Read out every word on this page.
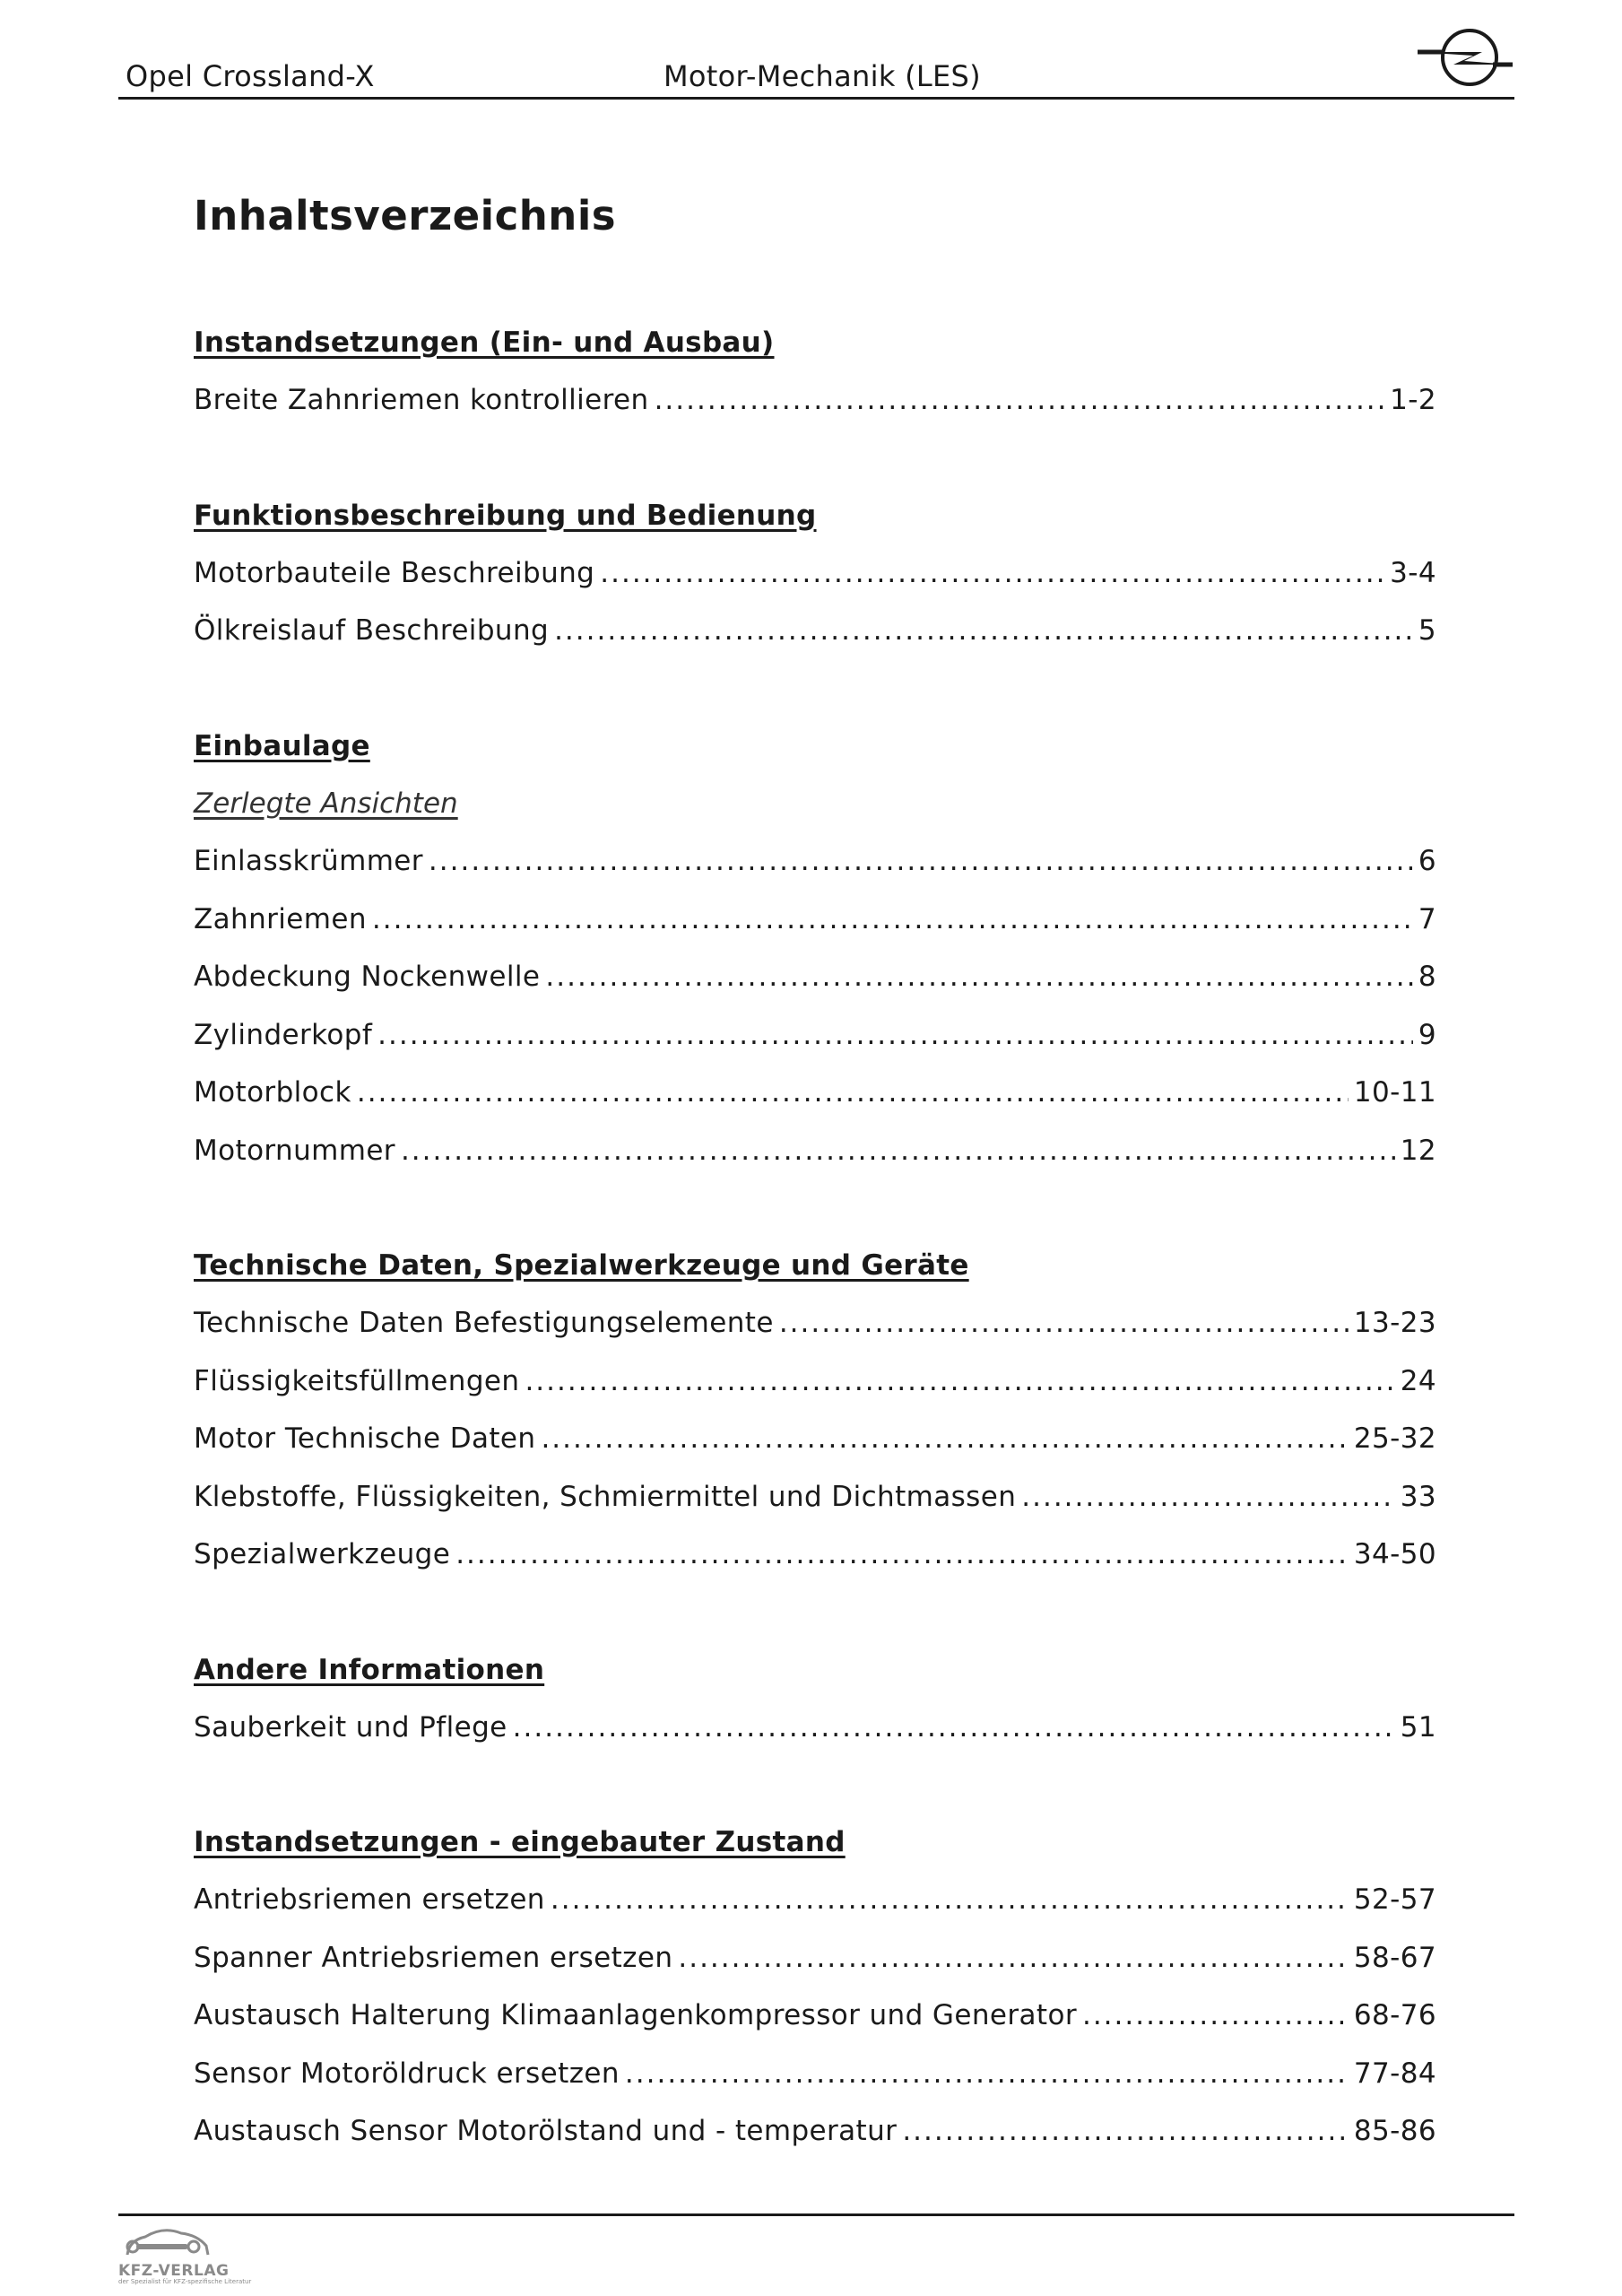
Opel Crossland-X	Motor-Mechanik (LES)
Inhaltsverzeichnis
Instandsetzungen (Ein- und Ausbau)
Breite Zahnriemen kontrollieren .....	1-2
Funktionsbeschreibung und Bedienung
Motorbauteile Beschreibung .....	3-4
Ölkreislauf Beschreibung .....	5
Einbaulage
Zerlegte Ansichten
Einlasskrümmer .....	6
Zahnriemen .....	7
Abdeckung Nockenwelle .....	8
Zylinderkopf .....	9
Motorblock .....	10-11
Motornummer .....	12
Technische Daten, Spezialwerkzeuge und Geräte
Technische Daten Befestigungselemente .....	13-23
Flüssigkeitsfüllmengen .....	24
Motor Technische Daten .....	25-32
Klebstoffe, Flüssigkeiten, Schmiermittel und Dichtmassen .....	33
Spezialwerkzeuge .....	34-50
Andere Informationen
Sauberkeit und Pflege .....	51
Instandsetzungen - eingebauter Zustand
Antriebsriemen ersetzen .....	52-57
Spanner Antriebsriemen ersetzen .....	58-67
Austausch Halterung Klimaanlagenkompressor und Generator .....	68-76
Sensor Motoröldruck ersetzen .....	77-84
Austausch Sensor Motorölstand und - temperatur .....	85-86
KFZ-VERLAG
der Spezialist für KFZ-spezifische Literatur
